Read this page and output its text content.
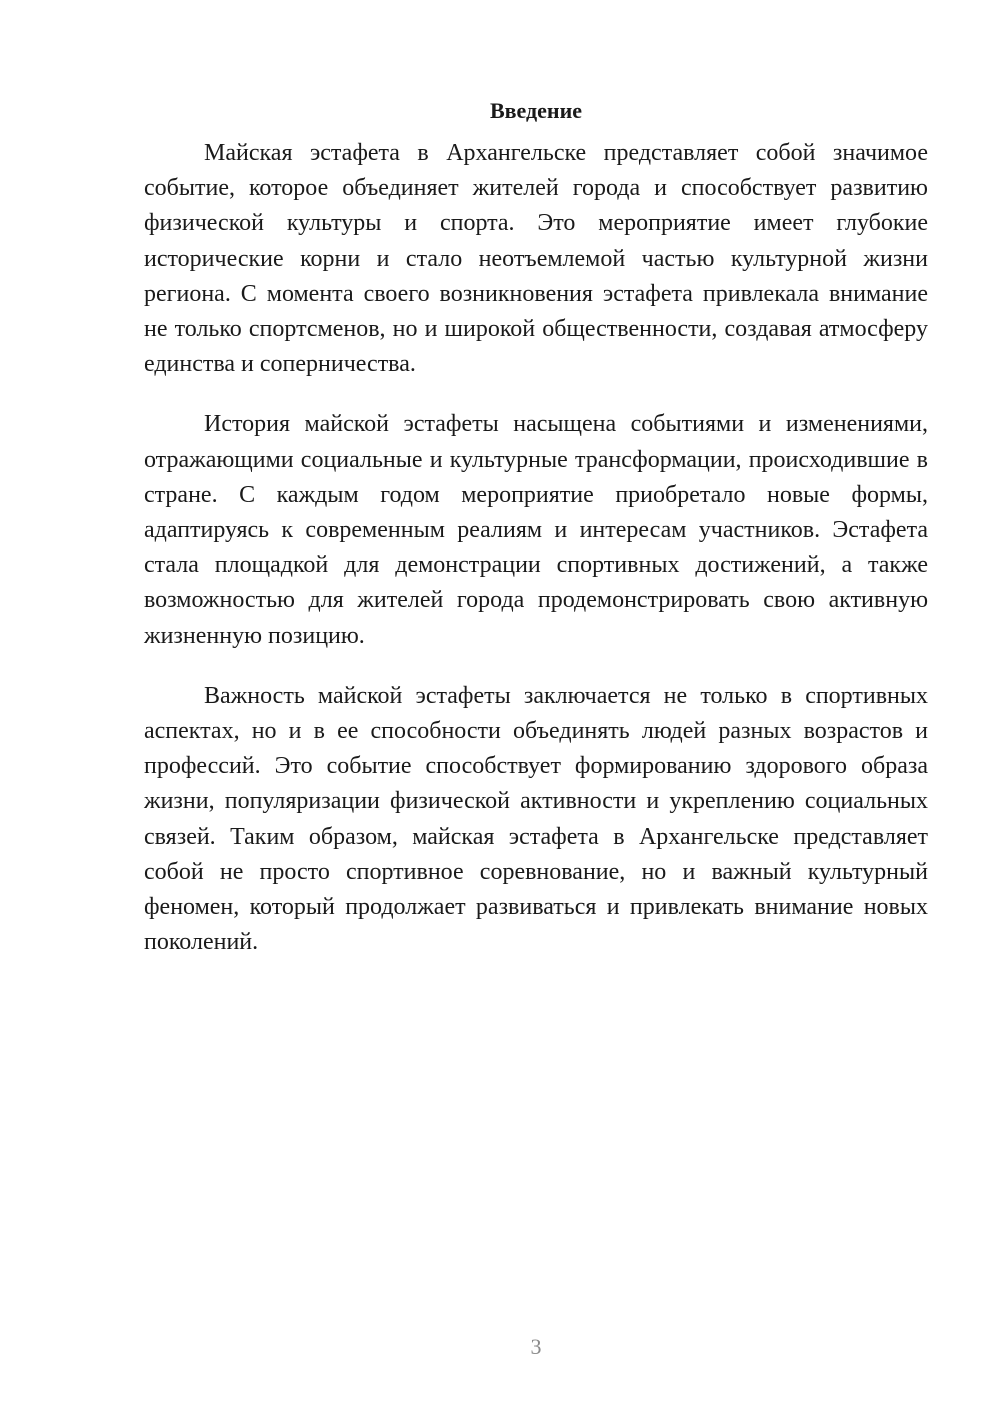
Введение

Майская эстафета в Архангельске представляет собой значимое событие, которое объединяет жителей города и способствует развитию физической культуры и спорта. Это мероприятие имеет глубокие исторические корни и стало неотъемлемой частью культурной жизни региона. С момента своего возникновения эстафета привлекала внимание не только спортсменов, но и широкой общественности, создавая атмосферу единства и соперничества.

История майской эстафеты насыщена событиями и изменениями, отражающими социальные и культурные трансформации, происходившие в стране. С каждым годом мероприятие приобретало новые формы, адаптируясь к современным реалиям и интересам участников. Эстафета стала площадкой для демонстрации спортивных достижений, а также возможностью для жителей города продемонстрировать свою активную жизненную позицию.

Важность майской эстафеты заключается не только в спортивных аспектах, но и в ее способности объединять людей разных возрастов и профессий. Это событие способствует формированию здорового образа жизни, популяризации физической активности и укреплению социальных связей. Таким образом, майская эстафета в Архангельске представляет собой не просто спортивное соревнование, но и важный культурный феномен, который продолжает развиваться и привлекать внимание новых поколений.

3
